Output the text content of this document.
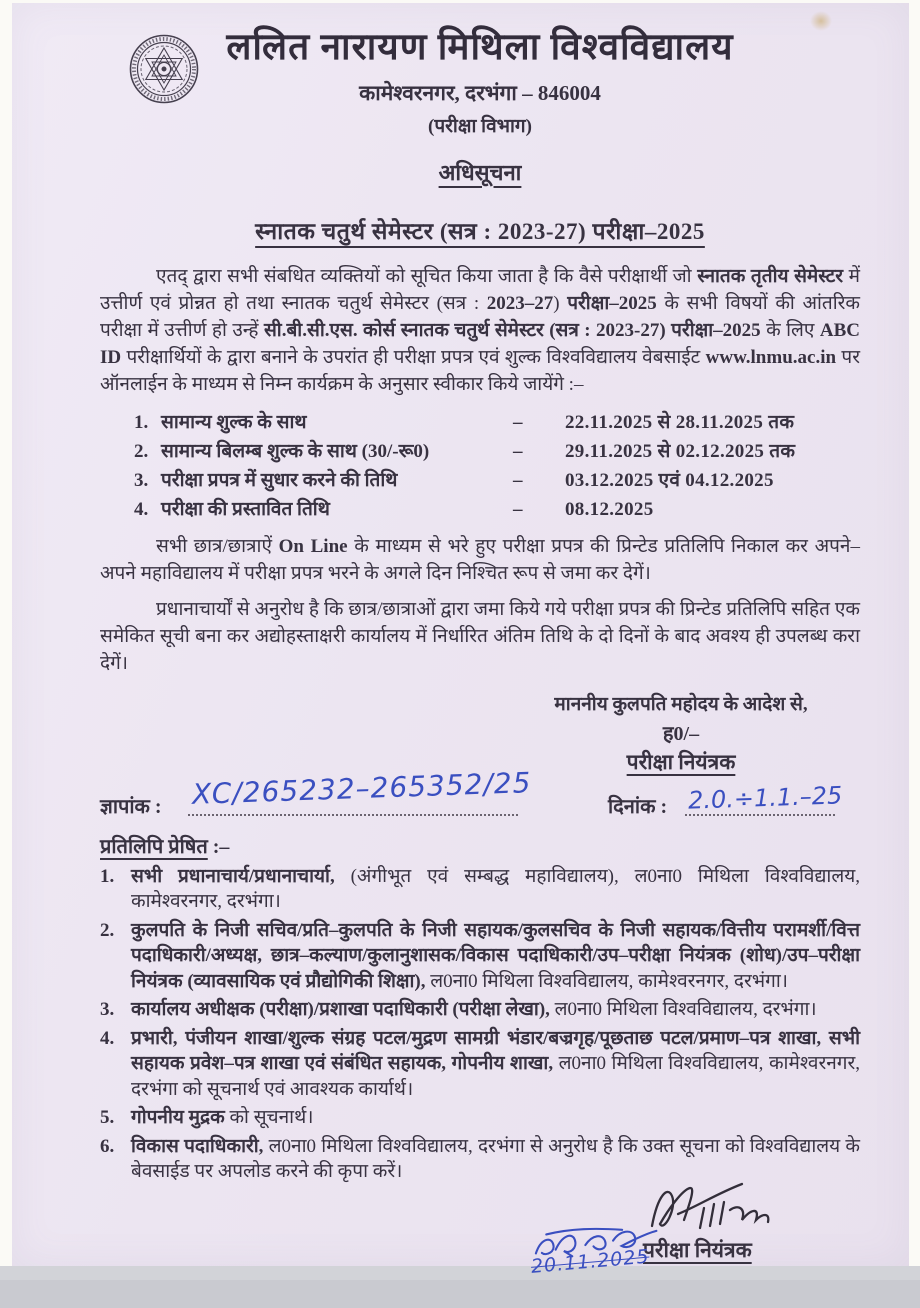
ललित नारायण मिथिला विश्वविद्यालय
कामेश्वरनगर, दरभंगा – 846004
(परीक्षा विभाग)
अधिसूचना
स्नातक चतुर्थ सेमेस्टर (सत्र : 2023-27) परीक्षा–2025

एतद् द्वारा सभी संबधित व्यक्तियों को सूचित किया जाता है कि वैसे परीक्षार्थी जो स्नातक तृतीय सेमेस्टर में उत्तीर्ण एवं प्रोन्नत हो तथा स्नातक चतुर्थ सेमेस्टर (सत्र : 2023–27) परीक्षा–2025 के सभी विषयों की आंतरिक परीक्षा में उत्तीर्ण हो उन्हें सी.बी.सी.एस. कोर्स स्नातक चतुर्थ सेमेस्टर (सत्र : 2023-27) परीक्षा–2025 के लिए ABC ID परीक्षार्थियों के द्वारा बनाने के उपरांत ही परीक्षा प्रपत्र एवं शुल्क विश्वविद्यालय वेबसाईट www.lnmu.ac.in पर ऑनलाईन के माध्यम से निम्न कार्यक्रम के अनुसार स्वीकार किये जायेंगे :–

1. सामान्य शुल्क के साथ	–	22.11.2025 से 28.11.2025 तक
2. सामान्य बिलम्ब शुल्क के साथ (30/-रू0)	–	29.11.2025 से 02.12.2025 तक
3. परीक्षा प्रपत्र में सुधार करने की तिथि	–	03.12.2025 एवं 04.12.2025
4. परीक्षा की प्रस्तावित तिथि	–	08.12.2025

सभी छात्र/छात्राऐं On Line के माध्यम से भरे हुए परीक्षा प्रपत्र की प्रिन्टेड प्रतिलिपि निकाल कर अपने–अपने महाविद्यालय में परीक्षा प्रपत्र भरने के अगले दिन निश्चित रूप से जमा कर देगें।

प्रधानाचार्यों से अनुरोध है कि छात्र/छात्राओं द्वारा जमा किये गये परीक्षा प्रपत्र की प्रिन्टेड प्रतिलिपि सहित एक समेकित सूची बना कर अद्योहस्ताक्षरी कार्यालय में निर्धारित अंतिम तिथि के दो दिनों के बाद अवश्य ही उपलब्ध करा देगें।

माननीय कुलपति महोदय के आदेश से,
ह0/–
परीक्षा नियंत्रक
ज्ञापांक : XC/265232–265352/25	दिनांक : 2.0.÷1.1.–25
प्रतिलिपि प्रेषित :–
1. सभी प्रधानाचार्य/प्रधानाचार्या, (अंगीभूत एवं सम्बद्ध महाविद्यालय), ल0ना0 मिथिला विश्वविद्यालय, कामेश्वरनगर, दरभंगा।
2. कुलपति के निजी सचिव/प्रति–कुलपति के निजी सहायक/कुलसचिव के निजी सहायक/वित्तीय परामर्शी/वित्त पदाधिकारी/अध्यक्ष, छात्र–कल्याण/कुलानुशासक/विकास पदाधिकारी/उप–परीक्षा नियंत्रक (शोध)/उप–परीक्षा नियंत्रक (व्यावसायिक एवं प्रौद्योगिकी शिक्षा), ल0ना0 मिथिला विश्वविद्यालय, कामेश्वरनगर, दरभंगा।
3. कार्यालय अधीक्षक (परीक्षा)/प्रशाखा पदाधिकारी (परीक्षा लेखा), ल0ना0 मिथिला विश्वविद्यालय, दरभंगा।
4. प्रभारी, पंजीयन शाखा/शुल्क संग्रह पटल/मुद्रण सामग्री भंडार/बज्रगृह/पूछताछ पटल/प्रमाण–पत्र शाखा, सभी सहायक प्रवेश–पत्र शाखा एवं संबंधित सहायक, गोपनीय शाखा, ल0ना0 मिथिला विश्वविद्यालय, कामेश्वरनगर, दरभंगा को सूचनार्थ एवं आवश्यक कार्यार्थ।
5. गोपनीय मुद्रक को सूचनार्थ।
6. विकास पदाधिकारी, ल0ना0 मिथिला विश्वविद्यालय, दरभंगा से अनुरोध है कि उक्त सूचना को विश्वविद्यालय के बेवसाईड पर अपलोड करने की कृपा करें।
परीक्षा नियंत्रक
20.11.2025
